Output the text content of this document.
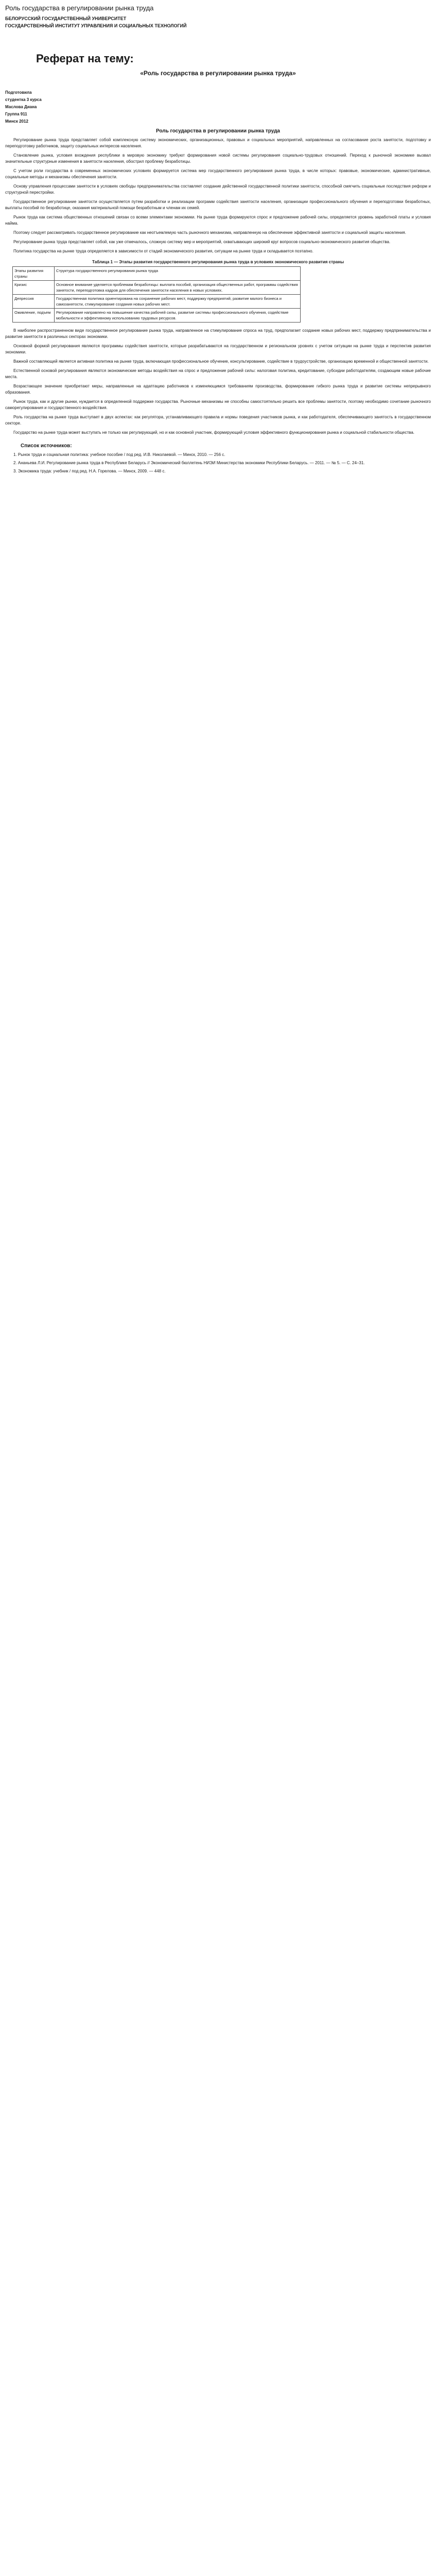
Роль государства в регулировании рынка труда
БЕЛОРУССКИЙ ГОСУДАРСТВЕННЫЙ УНИВЕРСИТЕТ
ГОСУДАРСТВЕННЫЙ ИНСТИТУТ УПРАВЛЕНИЯ И СОЦИАЛЬНЫХ ТЕХНОЛОГИЙ
Реферат на тему:
«Роль государства в регулировании рынка труда»
Подготовила
студентка 3 курса
Маслова Диана
Группа 911
Минск 2012
Роль государства в регулировании рынка труда

Регулирование рынка труда представляет собой комплексную систему экономических, организационных, правовых и социальных мероприятий, направленных на согласование роста занятости, подготовку и переподготовку работников, защиту социальных интересов населения.

Становление рынка, условия вхождения республики в мировую экономику требуют формирования новой системы регулирования социально-трудовых отношений. Переход к рыночной экономике вызвал значительные структурные изменения в занятости населения, обострил проблему безработицы.

С учетом роли государства в современных экономических условиях формируется система мер государственного регулирования рынка труда, в числе которых: правовые, экономические, административные, социальные методы и механизмы обеспечения занятости.

Основу управления процессами занятости в условиях свободы предпринимательства составляет создание действенной государственной политики занятости, способной смягчить социальные последствия реформ и структурной перестройки.

Государственное регулирование занятости осуществляется путем разработки и реализации программ содействия занятости населения, организации профессионального обучения и переподготовки безработных, выплаты пособий по безработице, оказания материальной помощи безработным и членам их семей.

Рынок труда как система общественных отношений связан со всеми элементами экономики. На рынке труда формируются спрос и предложение рабочей силы, определяется уровень заработной платы и условия найма.

Поэтому следует рассматривать государственное регулирование как неотъемлемую часть рыночного механизма, направленную на обеспечение эффективной занятости и социальной защиты населения.

Регулирование рынка труда представляет собой, как уже отмечалось, сложную систему мер и мероприятий, охватывающих широкий круг вопросов социально-экономического развития общества.

Политика государства на рынке труда определяется в зависимости от стадий экономического развития, ситуации на рынке труда и складывается поэтапно.

Таблица 1 — Этапы развития государственного регулирования рынка труда в условиях экономического развития страны
Этапы развития страны	Структура государственного регулирования рынка труда
Кризис	Основное внимание уделяется проблемам безработицы: выплата пособий, организация общественных работ, программы содействия занятости, переподготовка кадров для обеспечения занятости населения в новых условиях.
Депрессия	Государственная политика ориентирована на сохранение рабочих мест, поддержку предприятий, развитие малого бизнеса и самозанятости, стимулирование создания новых рабочих мест.
Оживление, подъем	Регулирование направлено на повышение качества рабочей силы, развитие системы профессионального обучения, содействие мобильности и эффективному использованию трудовых ресурсов.

В наиболее распространенном виде государственное регулирование рынка труда, направленное на стимулирование спроса на труд, предполагает создание новых рабочих мест, поддержку предпринимательства и развитие занятости в различных секторах экономики.

Основной формой регулирования являются программы содействия занятости, которые разрабатываются на государственном и региональном уровнях с учетом ситуации на рынке труда и перспектив развития экономики.

Важной составляющей является активная политика на рынке труда, включающая профессиональное обучение, консультирование, содействие в трудоустройстве, организацию временной и общественной занятости.

Естественной основой регулирования являются экономические методы воздействия на спрос и предложение рабочей силы: налоговая политика, кредитование, субсидии работодателям, создающим новые рабочие места.

Возрастающее значение приобретают меры, направленные на адаптацию работников к изменяющимся требованиям производства, формирование гибкого рынка труда и развитие системы непрерывного образования.

Рынок труда, как и другие рынки, нуждается в определенной поддержке государства. Рыночные механизмы не способны самостоятельно решить все проблемы занятости, поэтому необходимо сочетание рыночного саморегулирования и государственного воздействия.

Роль государства на рынке труда выступает в двух аспектах: как регулятора, устанавливающего правила и нормы поведения участников рынка, и как работодателя, обеспечивающего занятость в государственном секторе.

Государство на рынке труда может выступать не только как регулирующий, но и как основной участник, формирующий условия эффективного функционирования рынка и социальной стабильности общества.

Список источников:

1. Рынок труда и социальная политика: учебное пособие / под ред. И.В. Николаевой. — Минск, 2010. — 256 с.

2. Ананьева Л.И. Регулирование рынка труда в Республике Беларусь // Экономический бюллетень НИЭИ Министерства экономики Республики Беларусь. — 2011. — № 5. — С. 24–31.

3. Экономика труда: учебник / под ред. Н.А. Горелова. — Минск, 2009. — 448 с.
